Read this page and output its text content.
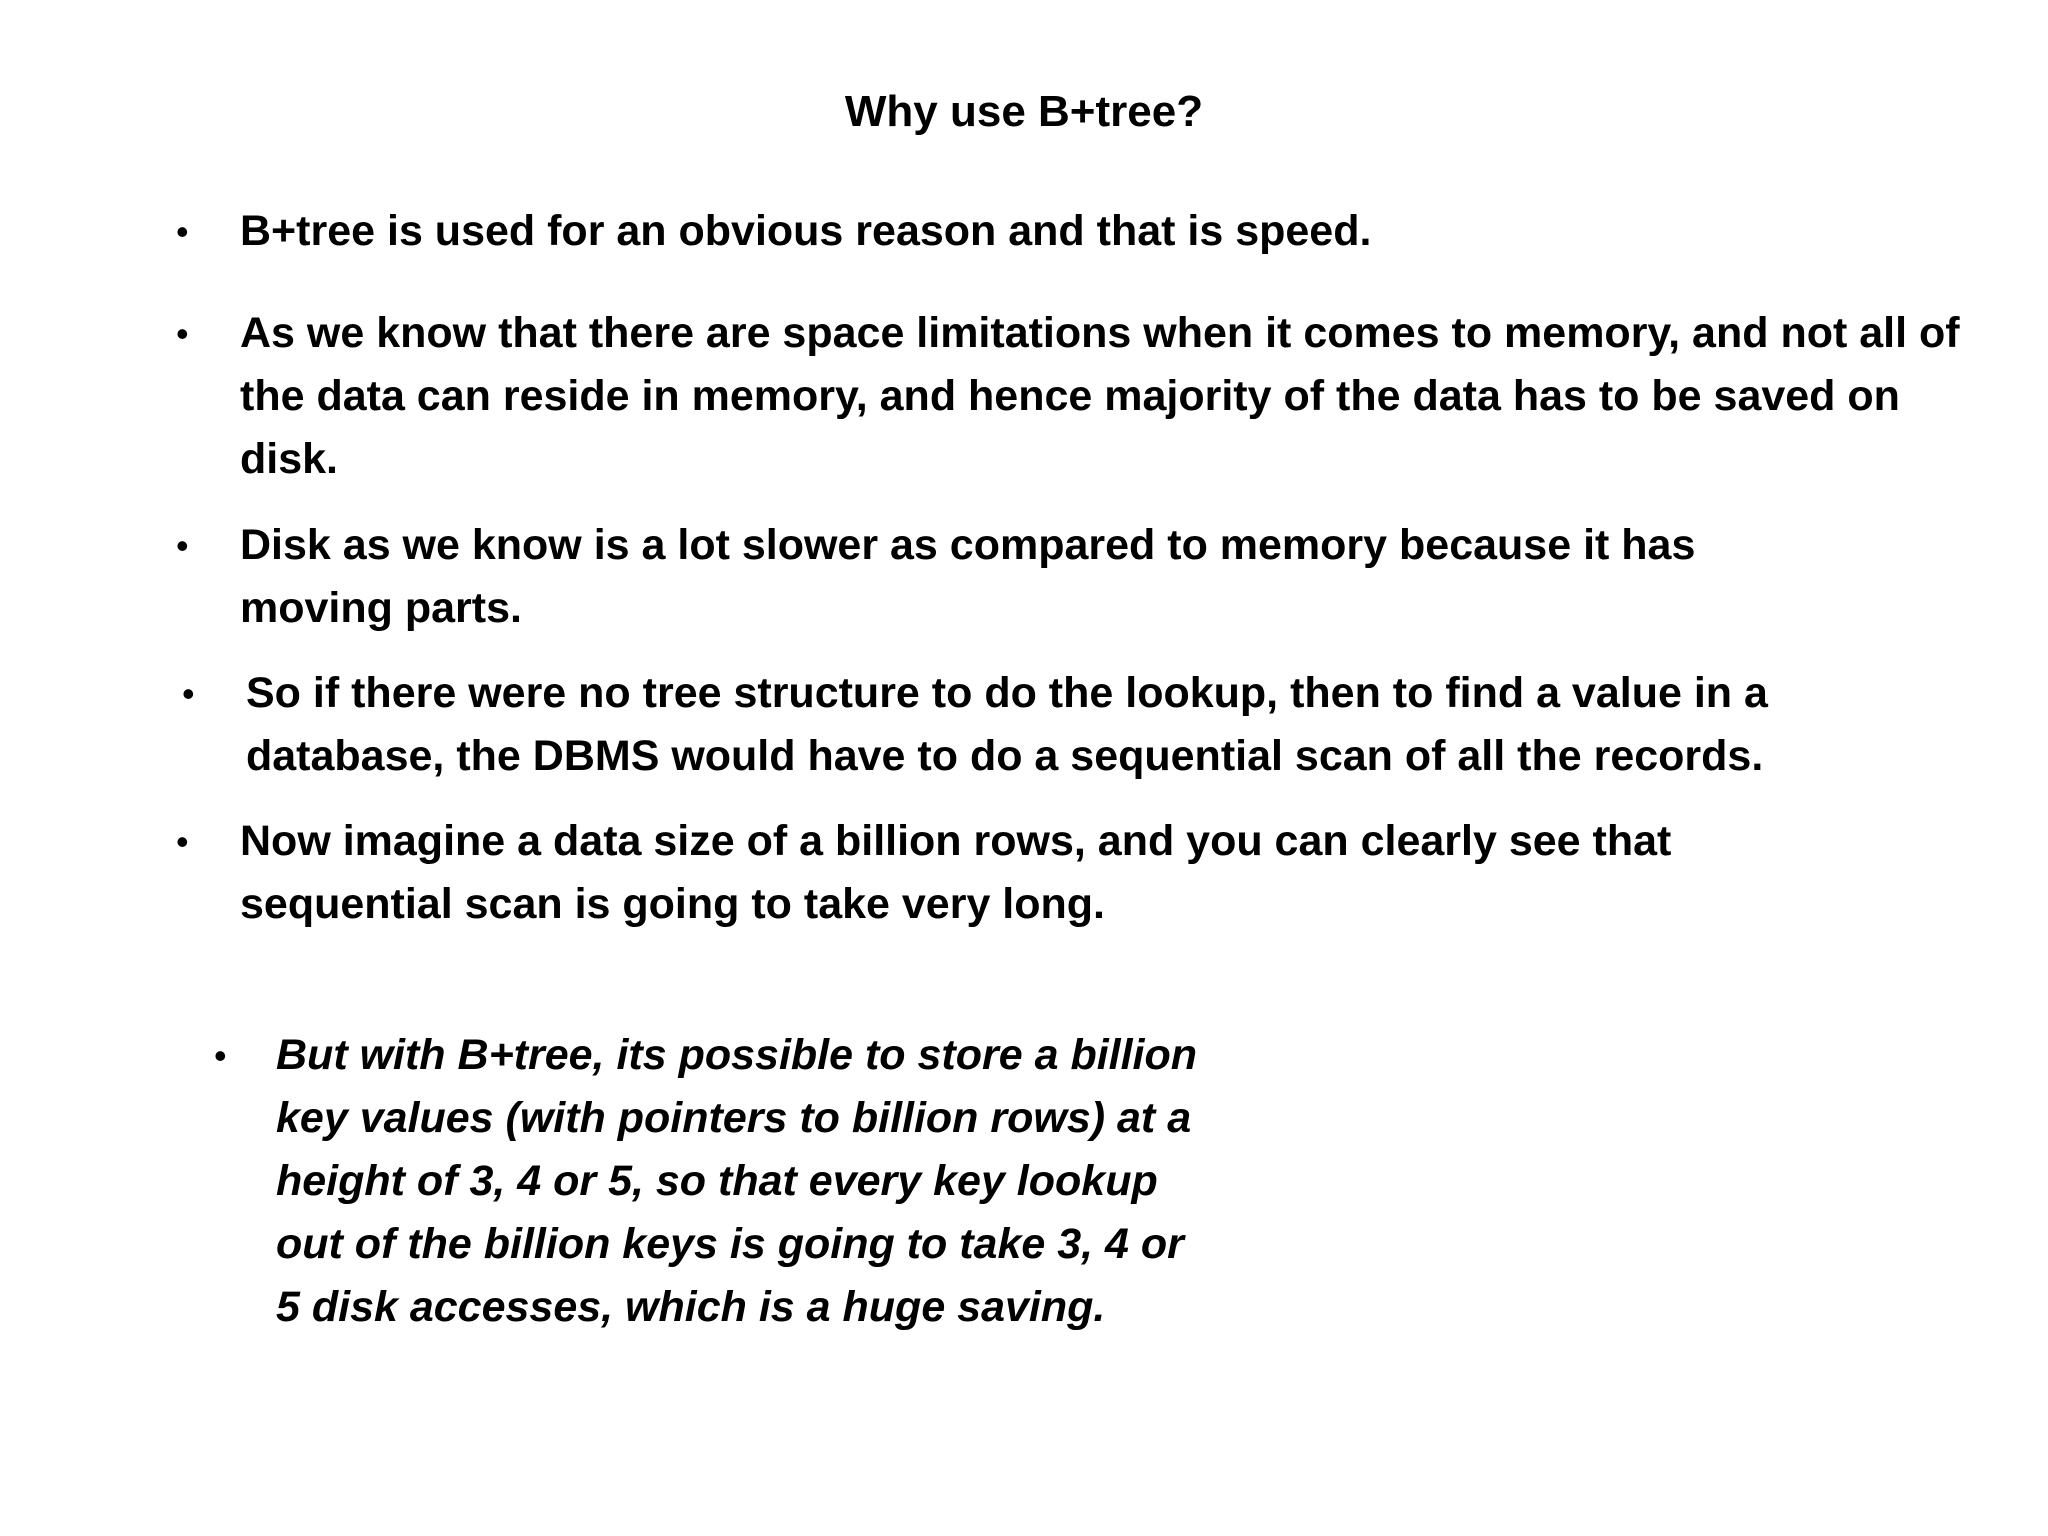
Why use B+tree?
• B+tree is used for an obvious reason and that is speed.
• As we know that there are space limitations when it comes to memory, and not all of the data can reside in memory, and hence majority of the data has to be saved on disk.
• Disk as we know is a lot slower as compared to memory because it has moving parts.
• So if there were no tree structure to do the lookup, then to find a value in a database, the DBMS would have to do a sequential scan of all the records.
• Now imagine a data size of a billion rows, and you can clearly see that sequential scan is going to take very long.
• But with B+tree, its possible to store a billion key values (with pointers to billion rows) at a height of 3, 4 or 5, so that every key lookup out of the billion keys is going to take 3, 4 or 5 disk accesses, which is a huge saving.
